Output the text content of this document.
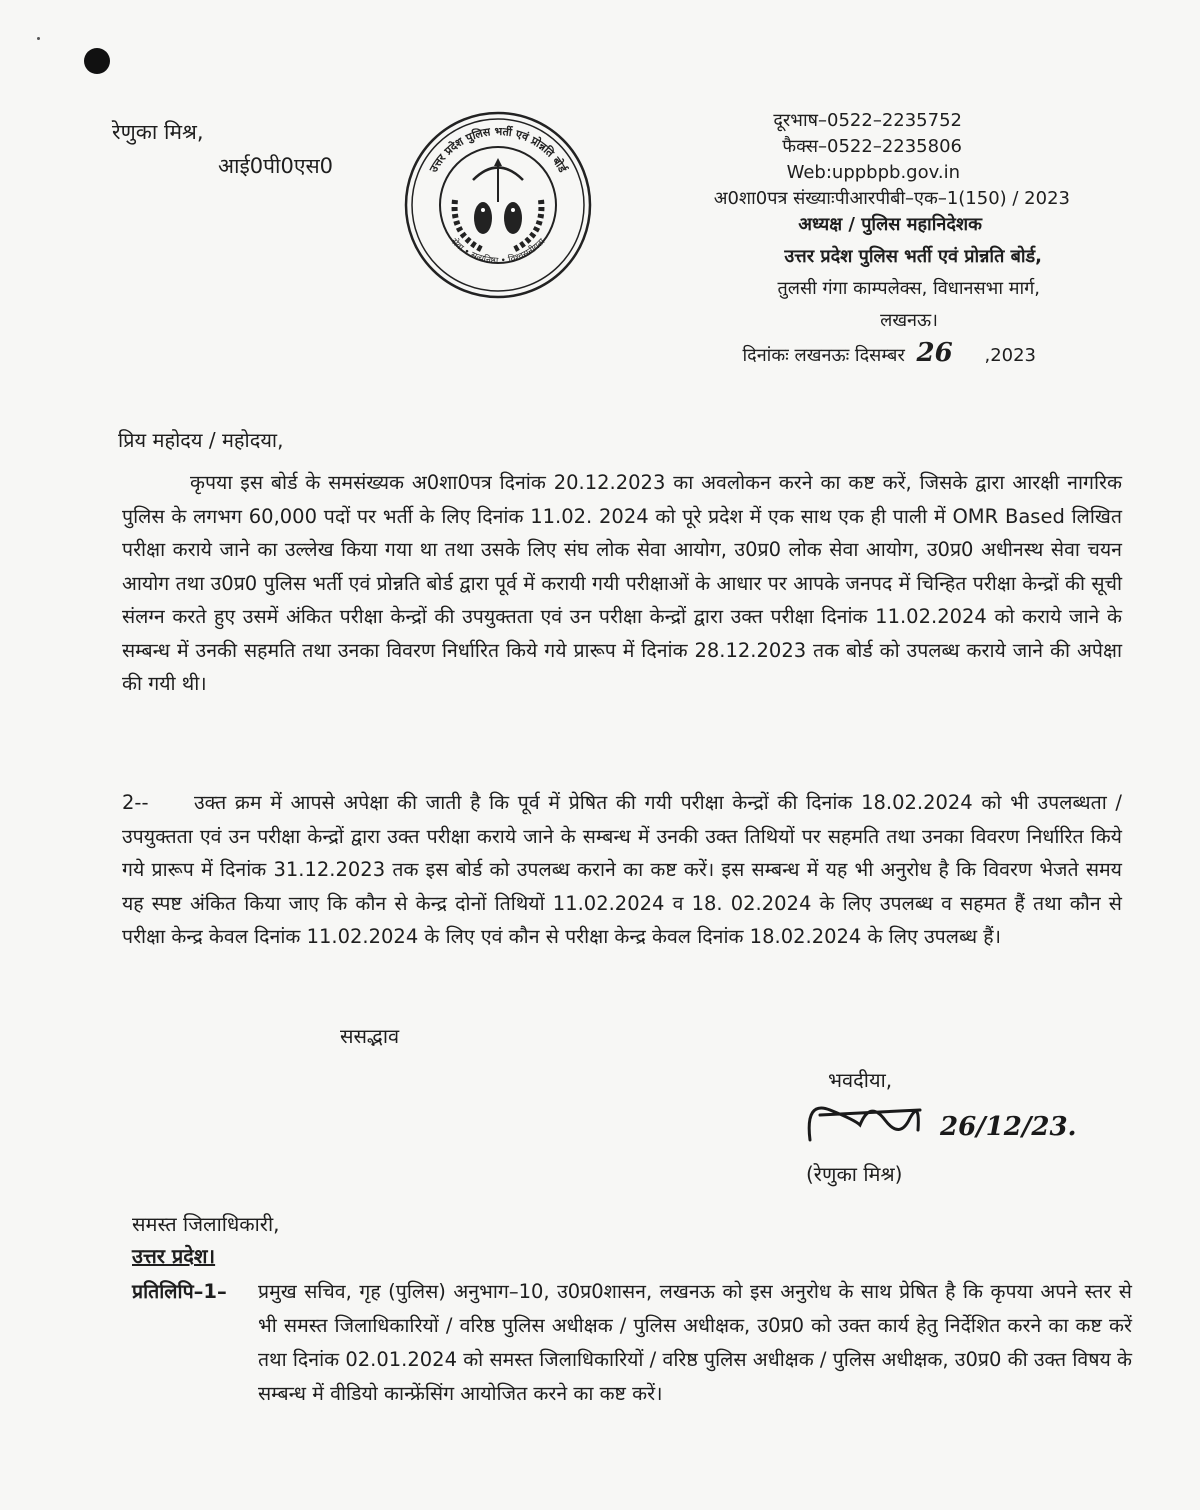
रेणुका मिश्र,
आई0पी0एस0	उत्तर प्रदेश पुलिस भर्ती एवं प्रोन्नति बोर्ड
सेवा • सत्यनिष्ठा • विश्वसनीयता
दूरभाष–0522–2235752
फैक्स–0522–2235806
Web:uppbpb.gov.in
अ0शा0प‌त्र संख्याःपीआरपीबी–एक–1(150) / 2023
अध्यक्ष / पुलिस महानिदेशक
उत्तर प्रदेश पुलिस भर्ती एवं प्रोन्नति बोर्ड,
तुलसी गंगा काम्पलेक्स, विधानसभा मार्ग,
लखनऊ।
दिनांकः लखनऊः दिसम्बर 26 ,2023
प्रिय महोदय / महोदया,
कृपया इस बोर्ड के समसंख्यक अ0शा0पत्र दिनांक 20.12.2023 का अवलोकन करने का कष्ट करें, जिसके द्वारा आरक्षी नागरिक पुलिस के लगभग 60,000 पदों पर भर्ती के लिए दिनांक 11.02. 2024 को पूरे प्रदेश में एक साथ एक ही पाली में OMR Based लिखित परीक्षा कराये जाने का उल्लेख किया गया था तथा उसके लिए संघ लोक सेवा आयोग, उ0प्र0 लोक सेवा आयोग, उ0प्र0 अधीनस्थ सेवा चयन आयोग तथा उ0प्र0 पुलिस भर्ती एवं प्रोन्नति बोर्ड द्वारा पूर्व में करायी गयी परीक्षाओं के आधार पर आपके जनपद में चिन्हित परीक्षा केन्द्रों की सूची संलग्न करते हुए उसमें अंकित परीक्षा केन्द्रों की उपयुक्तता एवं उन परीक्षा केन्द्रों द्वारा उक्त परीक्षा दिनांक 11.02.2024 को कराये जाने के सम्बन्ध में उनकी सहमति तथा उनका विवरण निर्धारित किये गये प्रारूप में दिनांक 28.12.2023 तक बोर्ड को उपलब्ध कराये जाने की अपेक्षा की गयी थी।
2-- उक्त क्रम में आपसे अपेक्षा की जाती है कि पूर्व में प्रेषित की गयी परीक्षा केन्द्रों की दिनांक 18.02.2024 को भी उपलब्धता / उपयुक्तता एवं उन परीक्षा केन्द्रों द्वारा उक्त परीक्षा कराये जाने के सम्बन्ध में उनकी उक्त तिथियों पर सहमति तथा उनका विवरण निर्धारित किये गये प्रारूप में दिनांक 31.12.2023 तक इस बोर्ड को उपलब्ध कराने का कष्ट करें। इस सम्बन्ध में यह भी अनुरोध है कि विवरण भेजते समय यह स्पष्ट अंकित किया जाए कि कौन से केन्द्र दोनों तिथियों 11.02.2024 व 18. 02.2024 के लिए उपलब्ध व सहमत हैं तथा कौन से परीक्षा केन्द्र केवल दिनांक 11.02.2024 के लिए एवं कौन से परीक्षा केन्द्र केवल दिनांक 18.02.2024 के लिए उपलब्ध हैं।
ससद्भाव
भवदीया,
26/12/23.
(रेणुका मिश्र)
समस्त जिलाधिकारी,
उत्तर प्रदेश।
प्रतिलिपि–1– प्रमुख सचिव, गृह (पुलिस) अनुभाग–10, उ0प्र0शासन, लखनऊ को इस अनुरोध के साथ प्रेषित है कि कृपया अपने स्तर से भी समस्त जिलाधिकारियों / वरिष्ठ पुलिस अधीक्षक / पुलिस अधीक्षक, उ0प्र0 को उक्त कार्य हेतु निर्देशित करने का कष्ट करें तथा दिनांक 02.01.2024 को समस्त जिलाधिकारियों / वरिष्ठ पुलिस अधीक्षक / पुलिस अधीक्षक, उ0प्र0 की उक्त विषय के सम्बन्ध में वीडियो कान्फ्रेंसिंग आयोजित करने का कष्ट करें।
